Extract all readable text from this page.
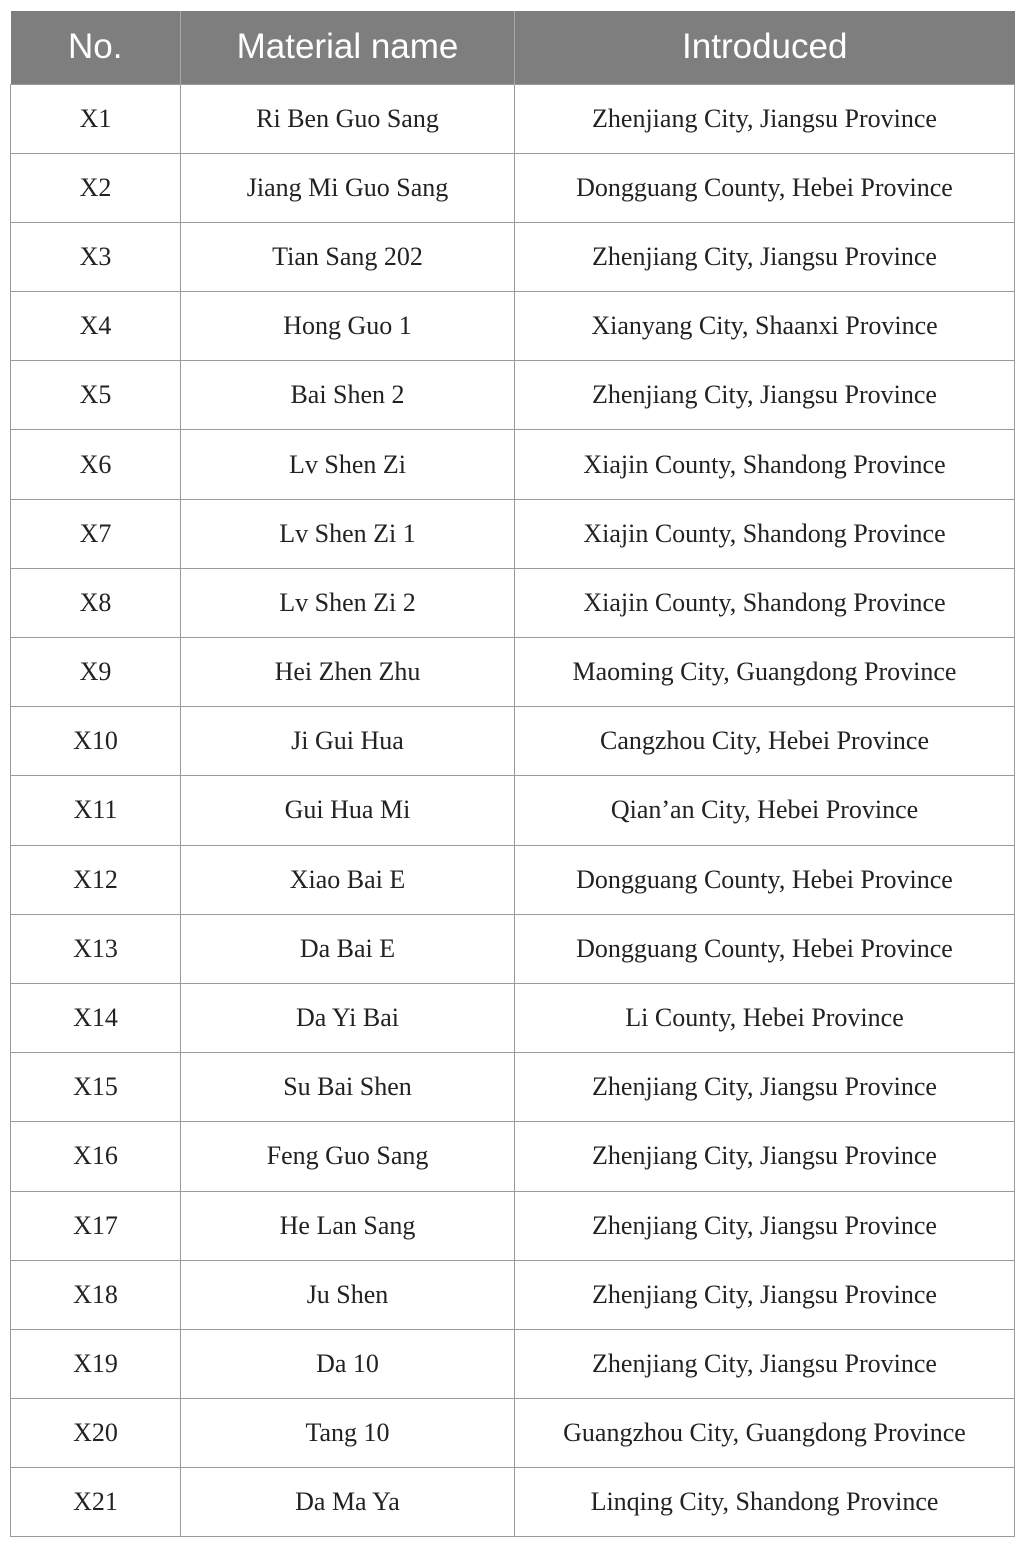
No.	Material name	Introduced
X1	Ri Ben Guo Sang	Zhenjiang City, Jiangsu Province
X2	Jiang Mi Guo Sang	Dongguang County, Hebei Province
X3	Tian Sang 202	Zhenjiang City, Jiangsu Province
X4	Hong Guo 1	Xianyang City, Shaanxi Province
X5	Bai Shen 2	Zhenjiang City, Jiangsu Province
X6	Lv Shen Zi	Xiajin County, Shandong Province
X7	Lv Shen Zi 1	Xiajin County, Shandong Province
X8	Lv Shen Zi 2	Xiajin County, Shandong Province
X9	Hei Zhen Zhu	Maoming City, Guangdong Province
X10	Ji Gui Hua	Cangzhou City, Hebei Province
X11	Gui Hua Mi	Qian’an City, Hebei Province
X12	Xiao Bai E	Dongguang County, Hebei Province
X13	Da Bai E	Dongguang County, Hebei Province
X14	Da Yi Bai	Li County, Hebei Province
X15	Su Bai Shen	Zhenjiang City, Jiangsu Province
X16	Feng Guo Sang	Zhenjiang City, Jiangsu Province
X17	He Lan Sang	Zhenjiang City, Jiangsu Province
X18	Ju Shen	Zhenjiang City, Jiangsu Province
X19	Da 10	Zhenjiang City, Jiangsu Province
X20	Tang 10	Guangzhou City, Guangdong Province
X21	Da Ma Ya	Linqing City, Shandong Province
